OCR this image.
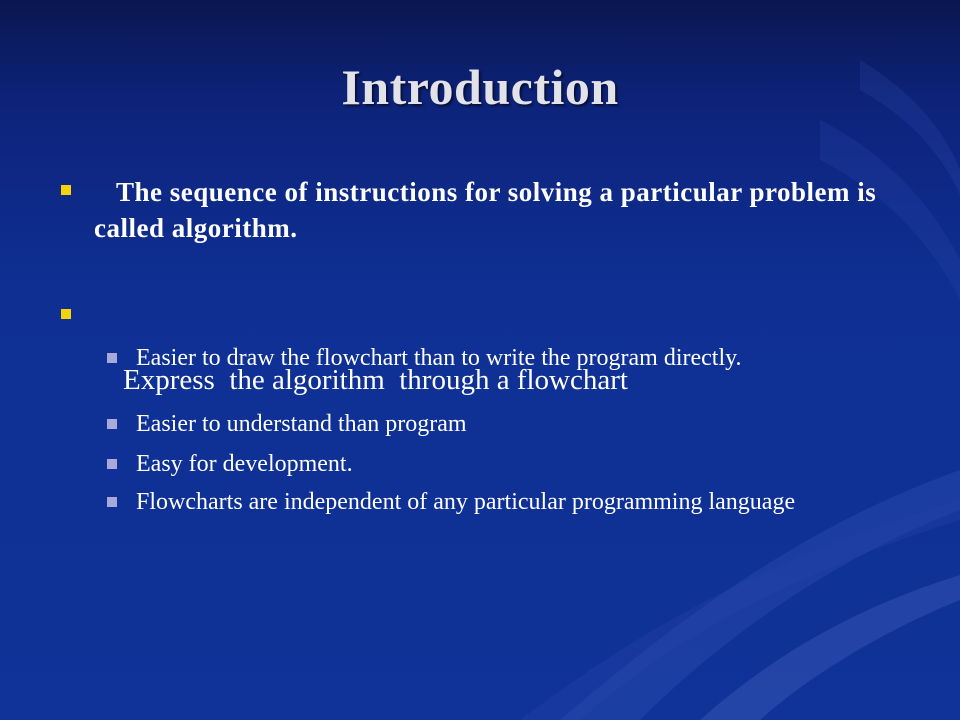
Introduction
The sequence of instructions for solving a particular problem is called algorithm.

Express  the algorithm  through a flowchart

Easier to draw the flowchart than to write the program directly.
Easier to understand than program
Easy for development.
Flowcharts are independent of any particular programming language
